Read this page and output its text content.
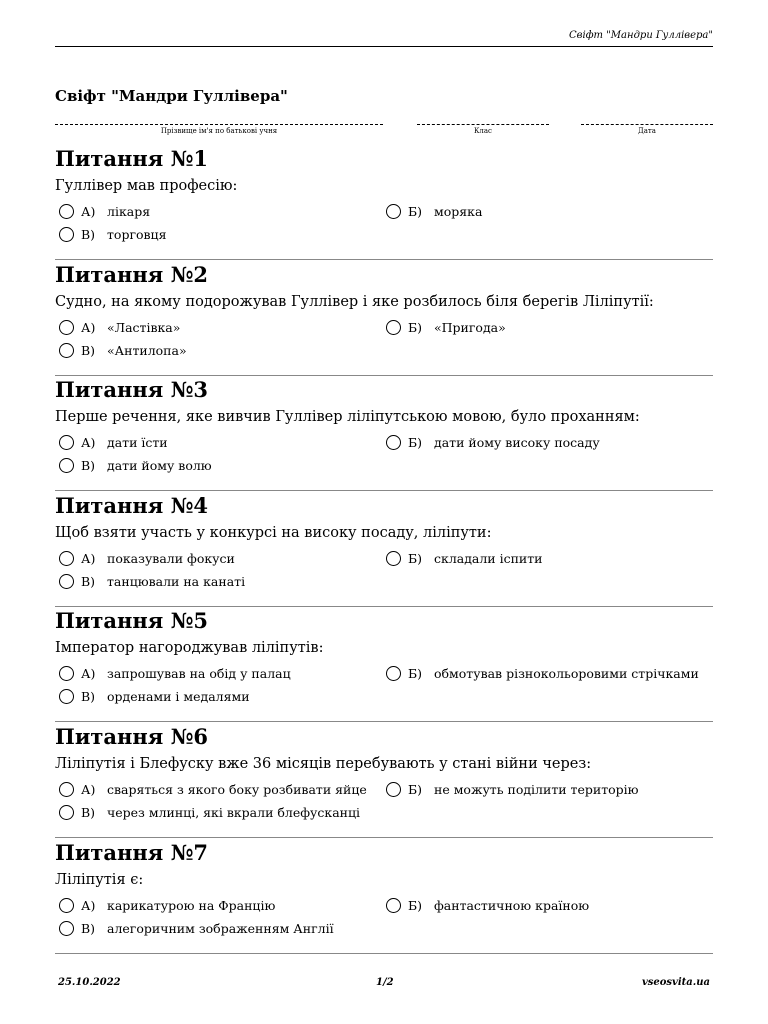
Свіфт "Мандри Гуллівера"
Свіфт "Мандри Гуллівера"
Прізвище ім'я по батькові учня	Клас	Дата
Питання №1
Гуллівер мав професію:
А) лікаря	Б) моряка
В) торговця
Питання №2
Судно, на якому подорожував Гуллівер і яке розбилось біля берегів Ліліпутії:
А) «Ластівка»	Б) «Пригода»
В) «Антилопа»
Питання №3
Перше речення, яке вивчив Гуллівер ліліпутською мовою, було проханням:
А) дати їсти	Б) дати йому високу посаду
В) дати йому волю
Питання №4
Щоб взяти участь у конкурсі на високу посаду, ліліпути:
А) показували фокуси	Б) складали іспити
В) танцювали на канаті
Питання №5
Імператор нагороджував ліліпутів:
А) запрошував на обід у палац	Б) обмотував різнокольоровими стрічками
В) орденами і медалями
Питання №6
Ліліпутія і Блефуску вже 36 місяців перебувають у стані війни через:
А) сваряться з якого боку розбивати яйце	Б) не можуть поділити територію
В) через млинці, які вкрали блефусканці
Питання №7
Ліліпутія є:
А) карикатурою на Францію	Б) фантастичною країною
В) алегоричним зображенням Англії
25.10.2022	1/2	vseosvita.ua
